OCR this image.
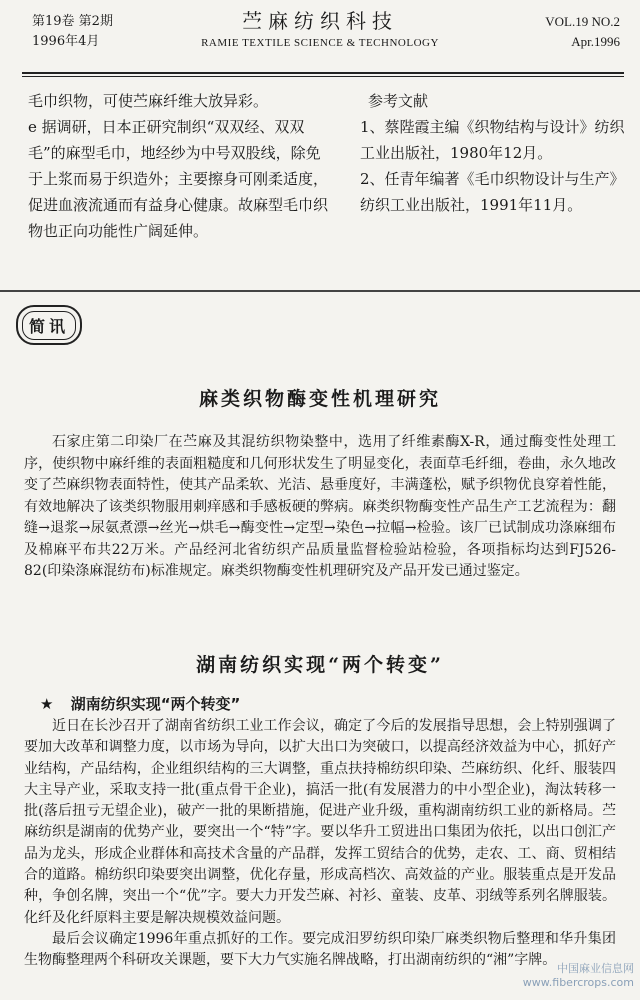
第19卷 第2期
1996年4月
苎麻纺织科技
RAMIE TEXTILE SCIENCE & TECHNOLOGY
VOL.19 NO.2
Apr.1996

毛巾织物，可使苎麻纤维大放异彩。

e 据调研，日本正研究制织“双双经、双双毛”的麻型毛巾，地经纱为中号双股线，除免于上浆而易于织造外；主要擦身可刚柔适度，促进血液流通而有益身心健康。故麻型毛巾织物也正向功能性广阔延伸。

参考文献

1、蔡陛霞主编《织物结构与设计》纺织工业出版社，1980年12月。

2、任青年编著《毛巾织物设计与生产》纺织工业出版社，1991年11月。

简讯
麻类织物酶变性机理研究

石家庄第二印染厂在苎麻及其混纺织物染整中，选用了纤维素酶X-R，通过酶变性处理工序，使织物中麻纤维的表面粗糙度和几何形状发生了明显变化，表面草毛纤细，卷曲，永久地改变了苎麻织物表面特性，使其产品柔软、光洁、悬垂度好，丰满蓬松，赋予织物优良穿着性能，有效地解决了该类织物服用刺痒感和手感板硬的弊病。麻类织物酶变性产品生产工艺流程为：翻缝→退浆→尿氨煮漂→丝光→烘毛→酶变性→定型→染色→拉幅→检验。该厂已试制成功涤麻细布及棉麻平布共22万米。产品经河北省纺织产品质量监督检验站检验，各项指标均达到FJ526-82(印染涤麻混纺布)标准规定。麻类织物酶变性机理研究及产品开发已通过鉴定。

湖南纺织实现“两个转变”
★ 湖南纺织实现“两个转变”

近日在长沙召开了湖南省纺织工业工作会议，确定了今后的发展指导思想，会上特别强调了要加大改革和调整力度，以市场为导向，以扩大出口为突破口，以提高经济效益为中心，抓好产业结构，产品结构，企业组织结构的三大调整，重点扶持棉纺织印染、苎麻纺织、化纤、服装四大主导产业，采取支持一批(重点骨干企业)，搞活一批(有发展潜力的中小型企业)，淘汰转移一批(落后扭亏无望企业)，破产一批的果断措施，促进产业升级，重构湖南纺织工业的新格局。苎麻纺织是湖南的优势产业，要突出一个“特”字。要以华升工贸进出口集团为依托，以出口创汇产品为龙头，形成企业群体和高技术含量的产品群，发挥工贸结合的优势，走农、工、商、贸相结合的道路。棉纺织印染要突出调整，优化存量，形成高档次、高效益的产业。服装重点是开发品种，争创名牌，突出一个“优”字。要大力开发苎麻、衬衫、童装、皮革、羽绒等系列名牌服装。化纤及化纤原料主要是解决规模效益问题。

最后会议确定1996年重点抓好的工作。要完成汨罗纺织印染厂麻类织物后整理和华升集团生物酶整理两个科研攻关课题，要下大力气实施名牌战略，打出湖南纺织的“湘”字牌。

中国麻业信息网
www.fibercrops.com
